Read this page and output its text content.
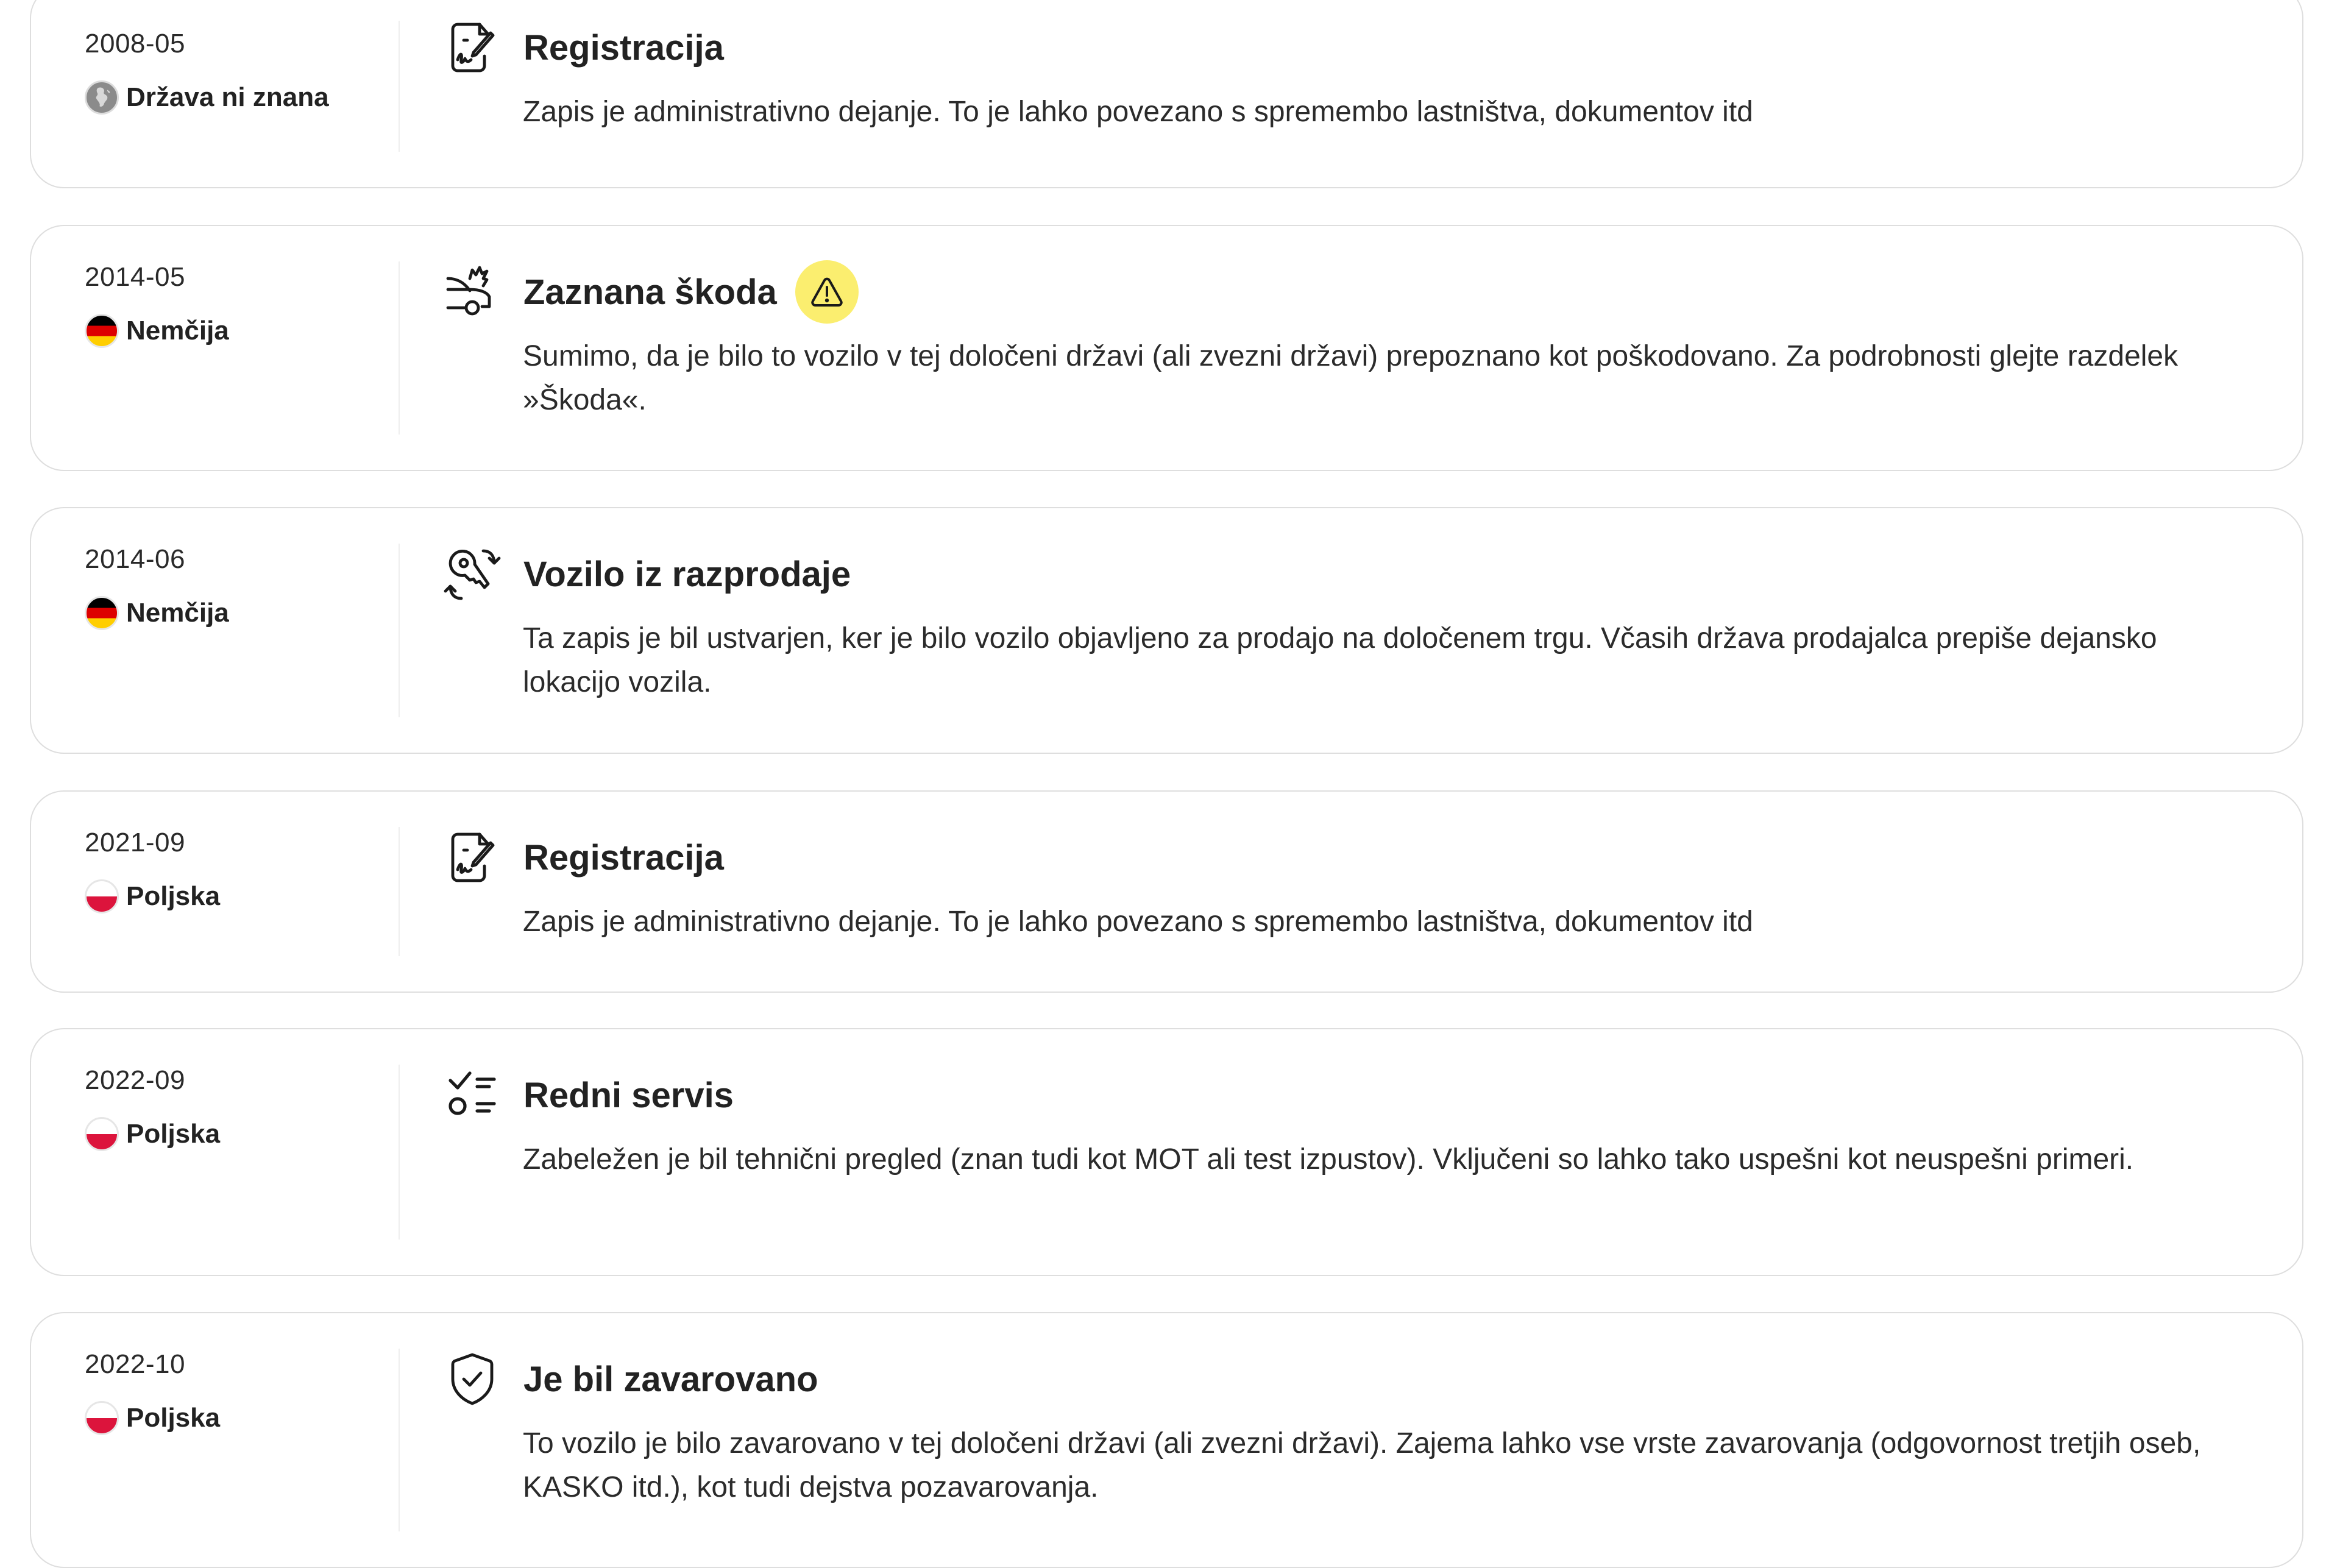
2008-05
Država ni znana
Registracija
Zapis je administrativno dejanje. To je lahko povezano s spremembo lastništva, dokumentov itd
2014-05
Nemčija
Zaznana škoda
Sumimo, da je bilo to vozilo v tej določeni državi (ali zvezni državi) prepoznano kot poškodovano. Za podrobnosti glejte razdelek »Škoda«.
2014-06
Nemčija
Vozilo iz razprodaje
Ta zapis je bil ustvarjen, ker je bilo vozilo objavljeno za prodajo na določenem trgu. Včasih država prodajalca prepiše dejansko lokacijo vozila.
2021-09
Poljska
Registracija
Zapis je administrativno dejanje. To je lahko povezano s spremembo lastništva, dokumentov itd
2022-09
Poljska
Redni servis
Zabeležen je bil tehnični pregled (znan tudi kot MOT ali test izpustov). Vključeni so lahko tako uspešni kot neuspešni primeri.
2022-10
Poljska
Je bil zavarovano
To vozilo je bilo zavarovano v tej določeni državi (ali zvezni državi). Zajema lahko vse vrste zavarovanja (odgovornost tretjih oseb, KASKO itd.), kot tudi dejstva pozavarovanja.
